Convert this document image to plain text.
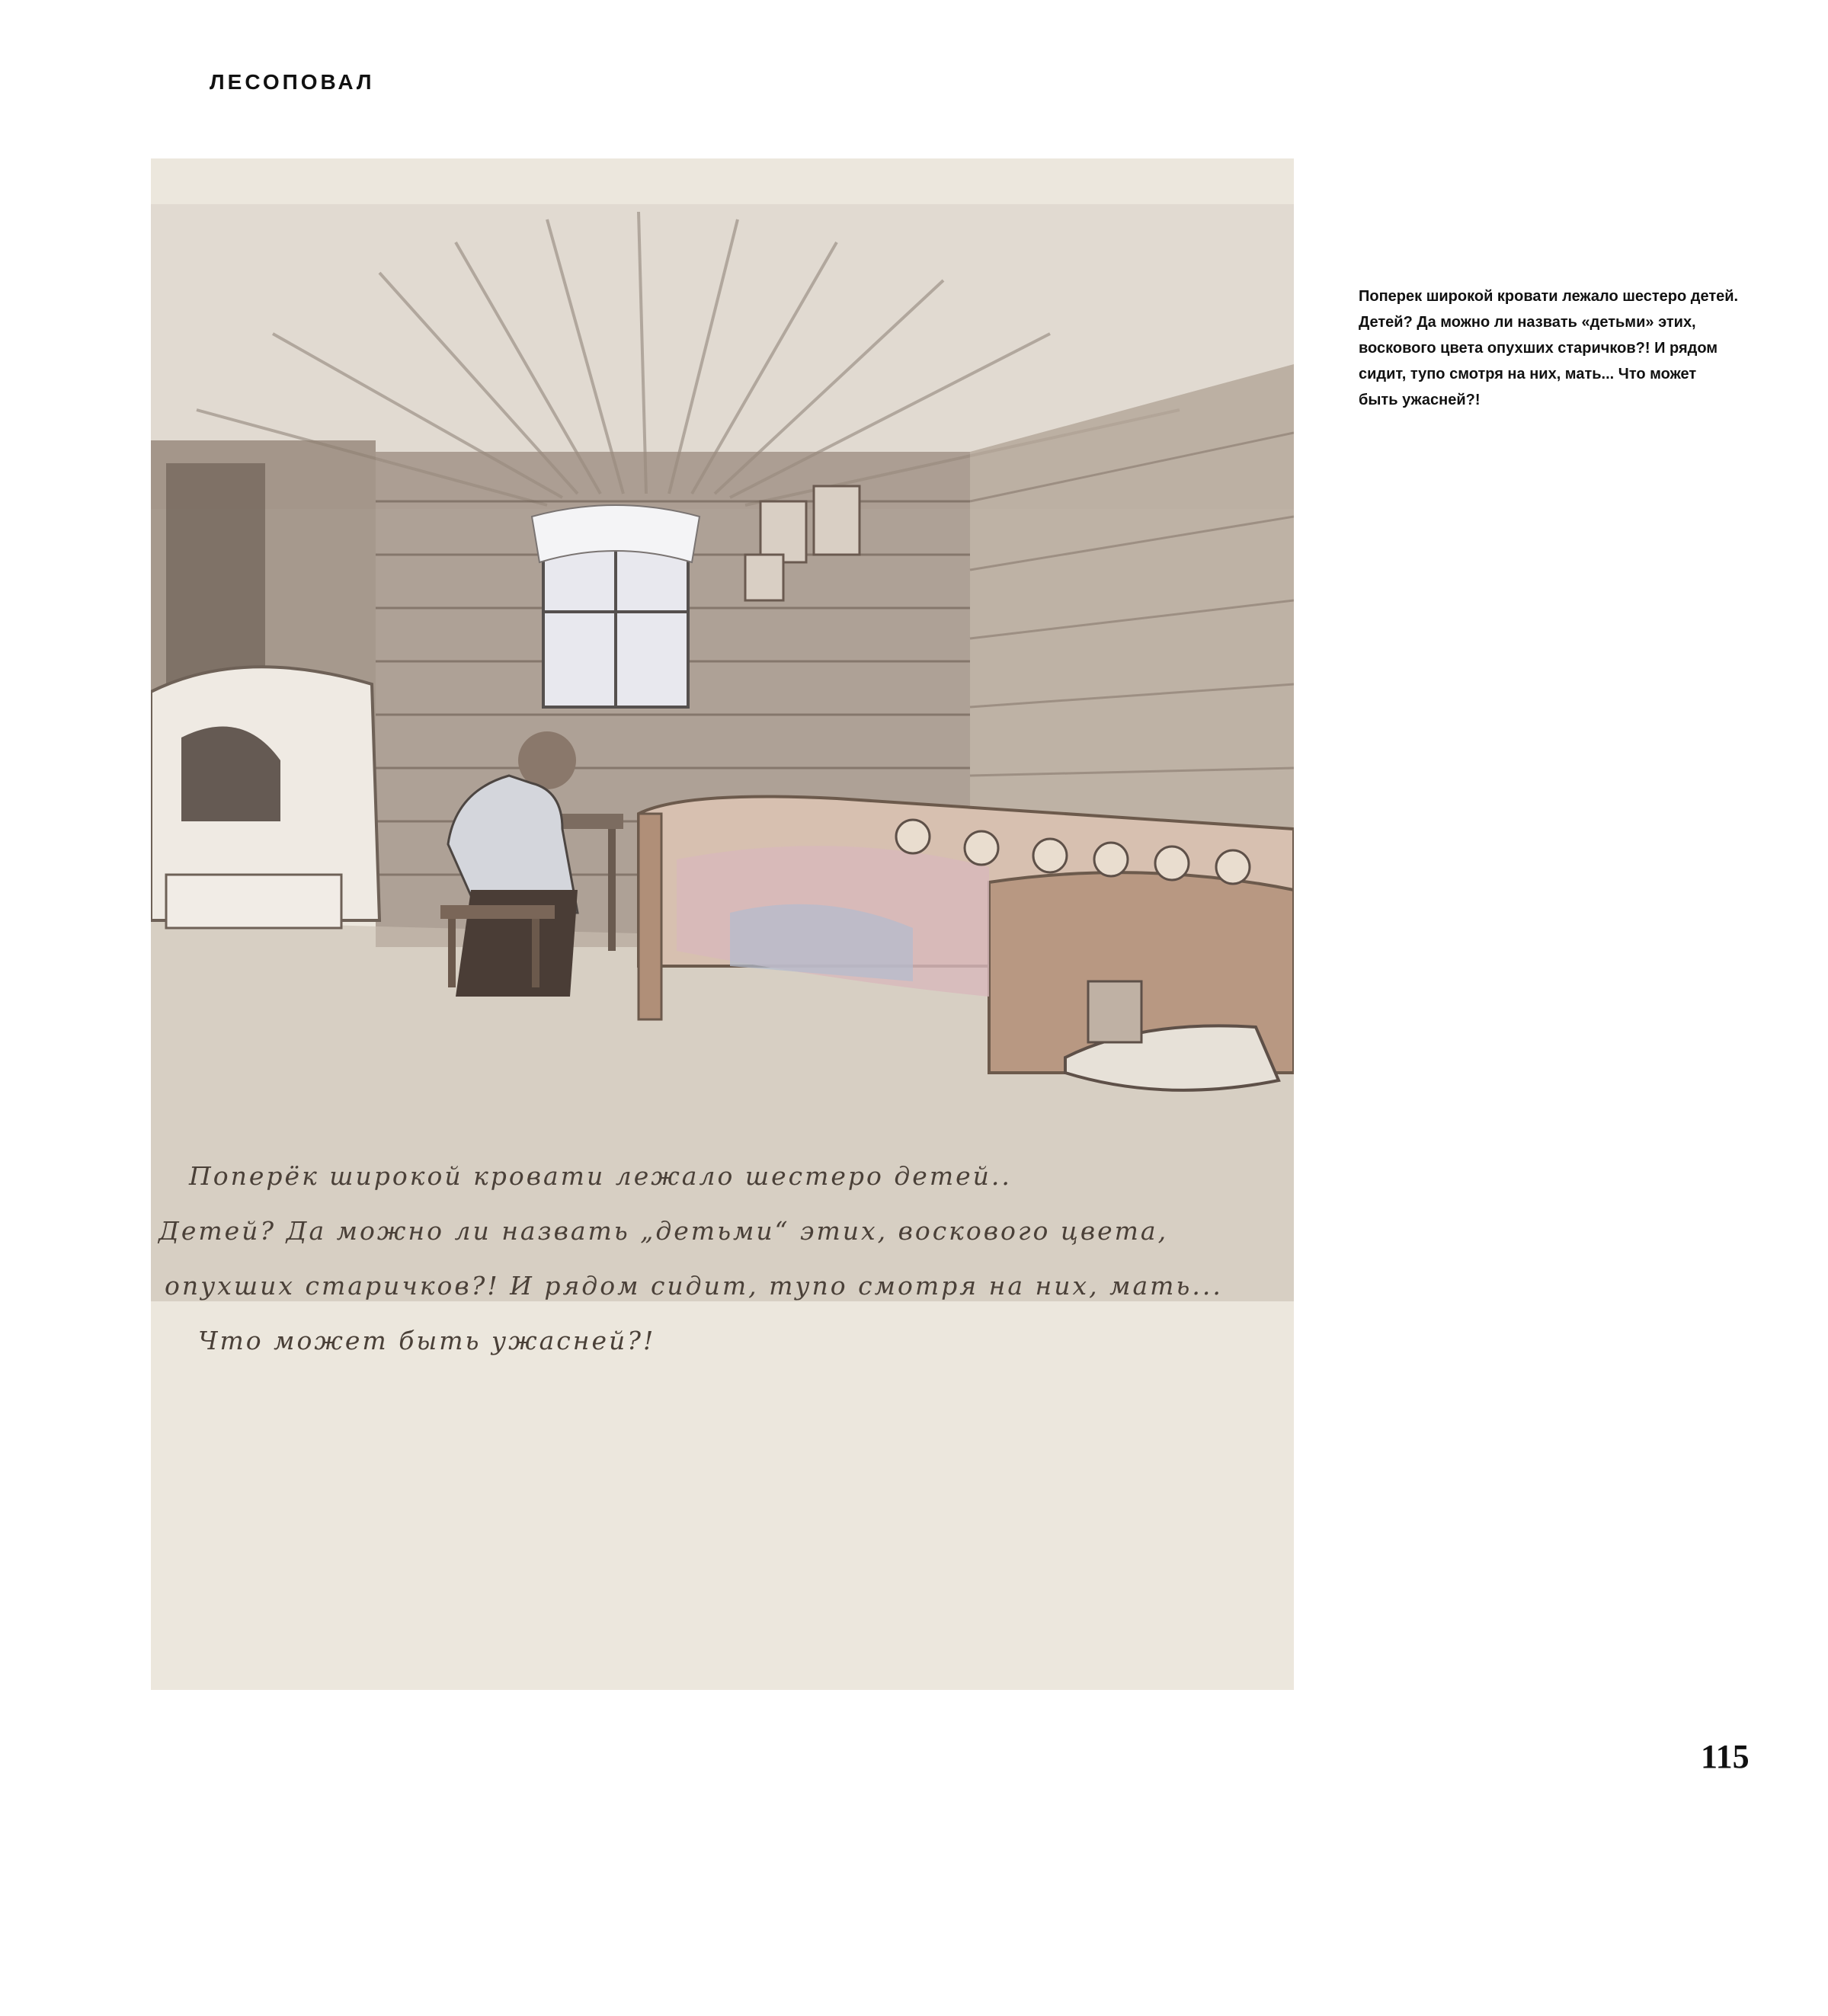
ЛЕСОПОВАЛ
Поперёк широкой кровати лежало шестеро детей..
Детей? Да можно ли назвать „детьми“ этих, воскового цвета,
опухших старичков?! И рядом сидит, тупо смотря на них, мать...
Что может быть ужасней?!
Поперек широкой кровати лежало шестеро детей. Детей? Да можно ли назвать «детьми» этих, воскового цвета опухших старичков?! И рядом сидит, тупо смотря на них, мать... Что может быть ужасней?!
115
